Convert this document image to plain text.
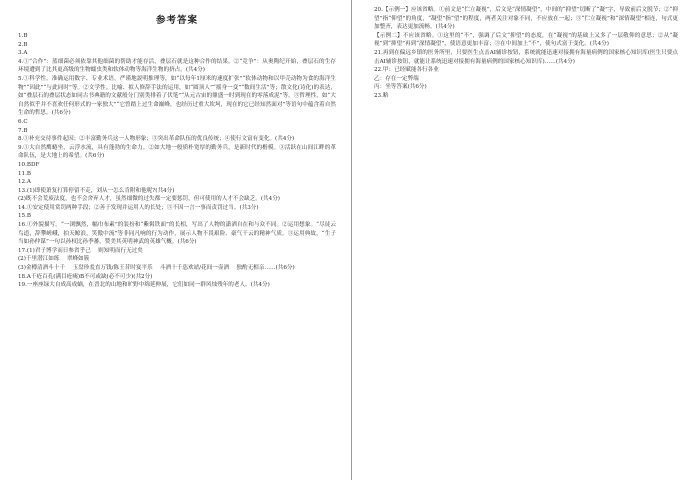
参考答案

1.B

2.B

3.A

4.①“合作”：蓝细菌必须依靠其他细菌的帮助才能存活，叠层石就是这种合作的结果。②“竞争”：从奥陶纪开始，叠层石的生存环境遭到了比其更高级的生物蠕虫类和软体动物等海洋生物的挤占。(共4分)

5.①科学性。准确运用数字、专业术语，严谨地説明推理等，如“以每年1厘米的速度扩张”“软体动物和以甲壳动物为食的海洋生物”“因此”“与此同时”等。②文学性。比喻、拟人修辞手法的运用，如“圆顶人”“摇身一变”“数间生活”等；散文化(诗化)的表达，如“叠层石的叠层状态如同古书典籍的文献般分门别类排着了伏笔”“从元古宙的鼎盛一时到现在的零落成泥”等。③哲理性，如“大自然似乎并不喜欢任何形式的一家独大”“它曾踏上过生命巅峰，也经历过重大坎坷，现在的它已经知然面对”等语句中蕴含着自然生命的哲思。(共6分)

6.C

7.B

8.①补充交待事件起因；②丰富勤务兵这一人物形象；③突出革命队伍的优良传统；④使行文富有变化。(共4分)

9.①大自然鹰蜷坐，云浮水流，具有蓬勃的生命力。②如大地一般质朴宽厚的勤务兵，是新时代的楷模。③活跃在山间江畔的革命队伍，是大地上的希望。(共6分)

10.BDF

11.B

12.A

13.(1)即使萧复打算停留不走，刘从一怎么肯附和他呢?(共4分)

(2)既不会荒废法度，也不会舍弃人才，虽然细微的过失都一定要惩罚，但可使用的人才不会缺乏。(共4分)

14.①安定使用赏罚两种手段；②善于发现并运用人的长处；③不因一言一事而责罚过当。(共3分)

15.B

16.①外貌描写。“一浏飘然，幅巾布素”的装扮和“紫髯铁面”的长相，写出了人物的潇洒自在和与众不同。②运用想象。“尽徒云鸟道，辞攀嵯峨，拍天鲸浪，笑傲中流”等非同凡响的行为动作，展示人物不畏艰险、豪气干云的精神气质。③运用典故，“生子当如孙仲谋”一句以孙权比孙季蕃，赞美其英明神武的英雄气概。(共6分)

17.(1)君子博学而日参省乎己　 则知明而行无过矣

(2)千里潜江如练　 翠峰如簇

(3)金樽清酒斗十千　 玉盘珍羞直万钱/陈王昔时宴平乐　 斗酒十千恣欢谑/花间一壶酒　 独酌无相亲……(共6分)

18.A千疮百孔(满目疮痍)B不可或缺(必不可少)(共2分)

19.一座座绿大自成高成蜗，在晋北的山地和旷野中绵延伸展，它们如同一群风烛残年的老人。(共4分)

20.【示例一】应该省略。①前文是“伫立凝视”，后文是“深情凝望”，中间的“抑望”切断了“凝”字，导致前后文脱节；②“抑望”指“仰望”的角度，“凝望”指“望”的程度，两者关注对象不同，不应放在一起；③“伫立凝视”和“深情凝望”相连，句式更加整齐，表达更加流畅。(共4分)

【示例二】不应该省略。①这里的“不”，强调了后文“抑望”的态度，在“凝视”的基础上又多了一层敬仰的意思；②从“凝视”到“抑望”再到“深情凝望”，使语意更加丰富；③在中间加上“不”，使句式富于变化。(共4分)

21.再到在偏远乡镇的医务所里，只要医生点击AI辅诊按钮，系统就能迅速对接拥有海量病例的国家核心知识库(医生只要点击AI辅诊按钮，就能让系统迅速对接拥有海量病例的国家核心知识库)……(共4分)

22.甲：已经赋能各行各业

乙：存在一定弊端

丙：坐等答案(共6分)

23.略
